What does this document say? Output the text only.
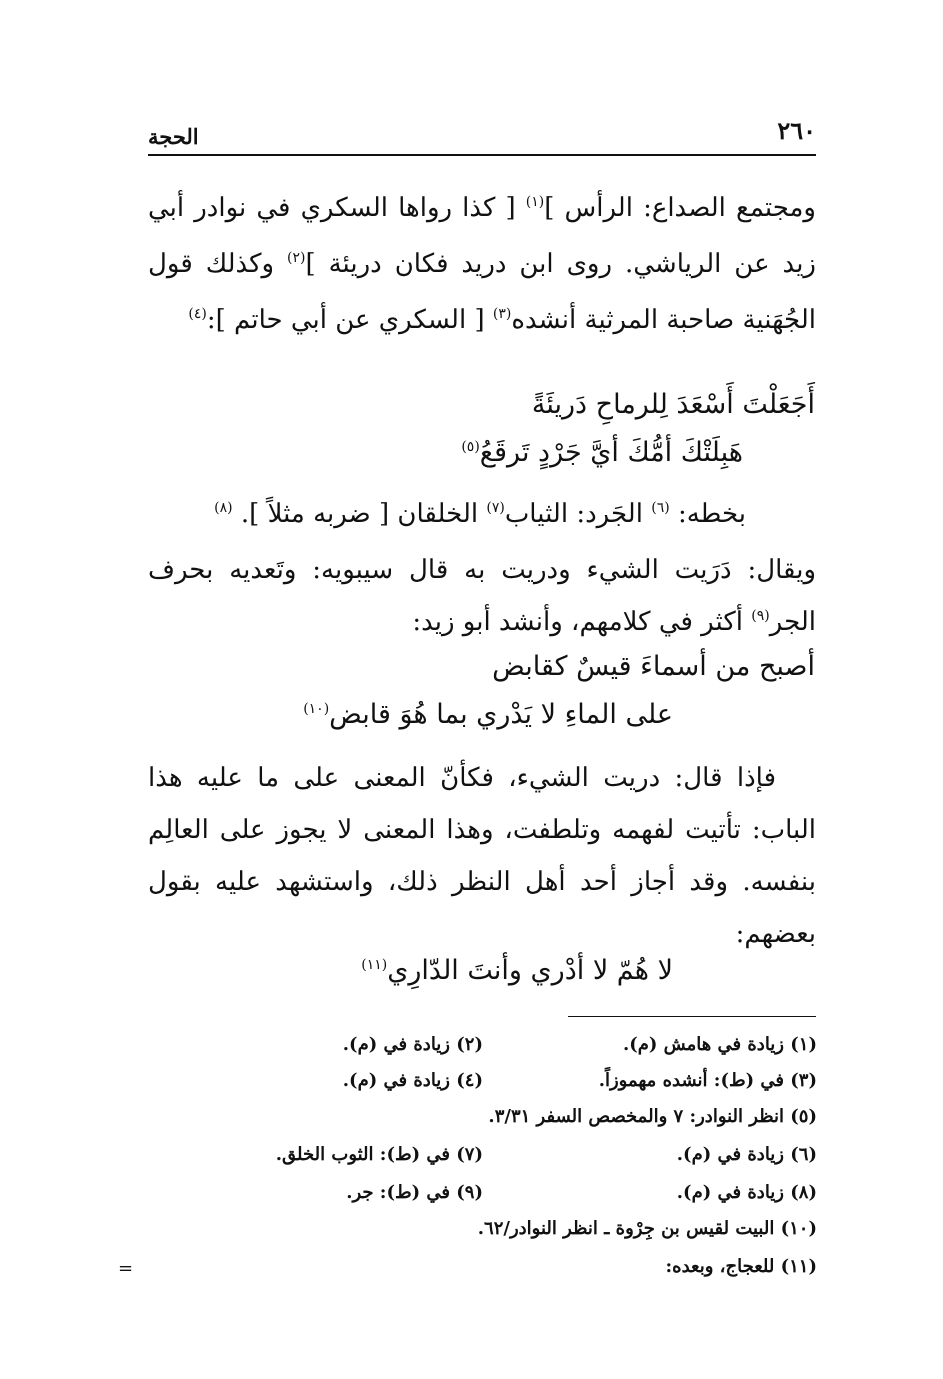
٢٦٠
الحجة

ومجتمع الصداع: الرأس ]$^{(١)}$ [ كذا رواها السكري في نوادر أبي زيد عن الرياشي. روى ابن دريد فكان دريئة ]$^{(٢)}$ وكذلك قول الجُهَنية صاحبة المرثية أنشده$^{(٣)}$ [ السكري عن أبي حاتم ]:$^{(٤)}$

أَجَعَلْتَ أَسْعَدَ لِلرماحِ دَريئَةً
هَبِلَتْكَ أمُّكَ أيَّ جَرْدٍ تَرقَعُ$^{(٥)}$

بخطه: $^{(٦)}$ الجَرد: الثياب$^{(٧)}$ الخلقان [ ضربه مثلاً ]. $^{(٨)}$

ويقال: دَرَيت الشيء ودريت به قال سيبويه: وتَعديه بحرف الجر$^{(٩)}$ أكثر في كلامهم، وأنشد أبو زيد:

أصبح من أسماءَ قيسٌ كقابض
على الماءِ لا يَدْري بما هُوَ قابض$^{(١٠)}$

فإذا قال: دريت الشيء، فكأنّ المعنى على ما عليه هذا الباب: تأتيت لفهمه وتلطفت، وهذا المعنى لا يجوز على العالِم بنفسه. وقد أجاز أحد أهل النظر ذلك، واستشهد عليه بقول بعضهم:

لا هُمّ لا أدْري وأنتَ الدّارِي$^{(١١)}$
(١) زيادة في هامش (م).
(٢) زيادة في (م).
(٣) في (ط): أنشده مهموزاً.
(٤) زيادة في (م).
(٥) انظر النوادر: ٧ والمخصص السفر ٣/٣١.
(٦) زيادة في (م).
(٧) في (ط): الثوب الخلق.
(٨) زيادة في (م).
(٩) في (ط): جر.
(١٠) البيت لقيس بن جِرْوة ـ انظر النوادر/٦٢.
(١١) للعجاج، وبعده:
=
